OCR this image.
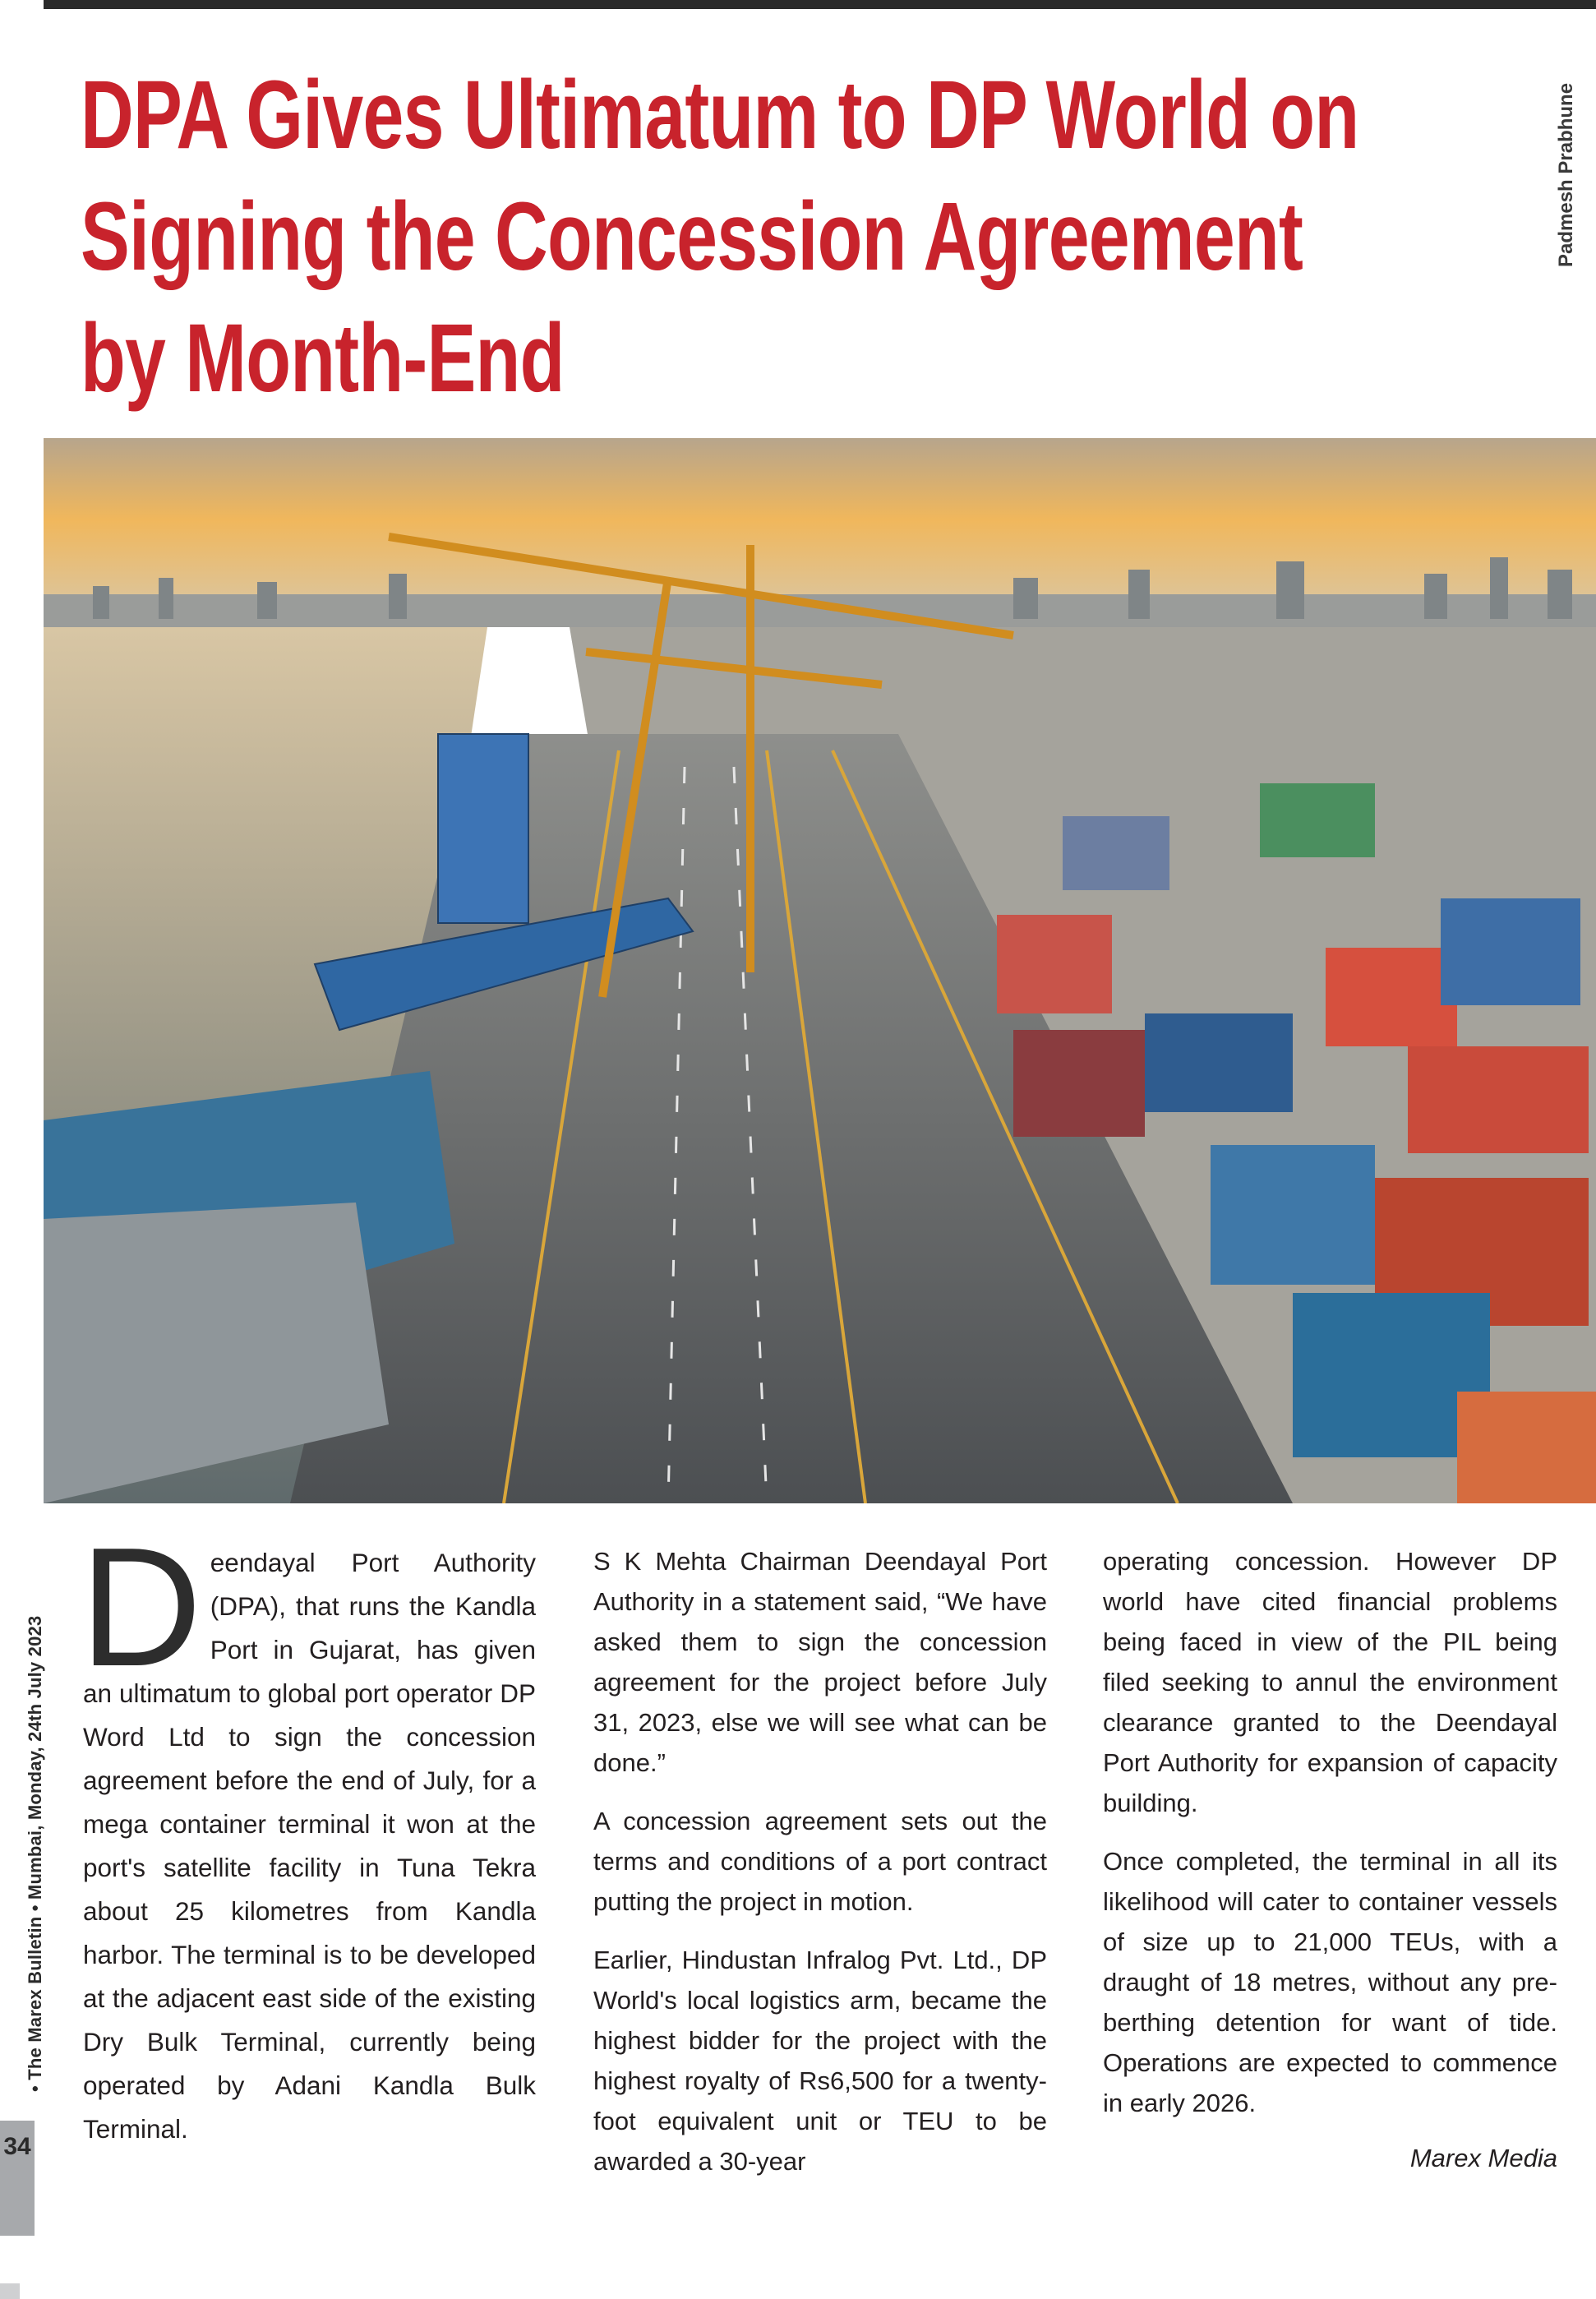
DPA Gives Ultimatum to DP World on
Signing the Concession Agreement
by Month-End
Padmesh Prabhune

Deendayal Port Authority (DPA), that runs the Kandla Port in Gujarat, has given an ultimatum to global port operator DP Word Ltd to sign the concession agreement before the end of July, for a mega container terminal it won at the port's satellite facility in Tuna Tekra about 25 kilometres from Kandla harbor. The terminal is to be developed at the adjacent east side of the existing Dry Bulk Terminal, currently being operated by Adani Kandla Bulk Terminal.

S K Mehta Chairman Deendayal Port Authority in a statement said, “We have asked them to sign the concession agreement for the project before July 31, 2023, else we will see what can be done.”

A concession agreement sets out the terms and conditions of a port contract putting the project in motion.

Earlier, Hindustan Infralog Pvt. Ltd., DP World's local logistics arm, became the highest bidder for the project with the highest royalty of Rs6,500 for a twenty-foot equivalent unit or TEU to be awarded a 30-year

operating concession. However DP world have cited financial problems being faced in view of the PIL being filed seeking to annul the environment clearance granted to the Deendayal Port Authority for expansion of capacity building.

Once completed, the terminal in all its likelihood will cater to container vessels of size up to 21,000 TEUs, with a draught of 18 metres, without any pre-berthing detention for want of tide. Operations are expected to commence in early 2026.

Marex Media

• The Marex Bulletin • Mumbai, Monday, 24th July 2023
34
